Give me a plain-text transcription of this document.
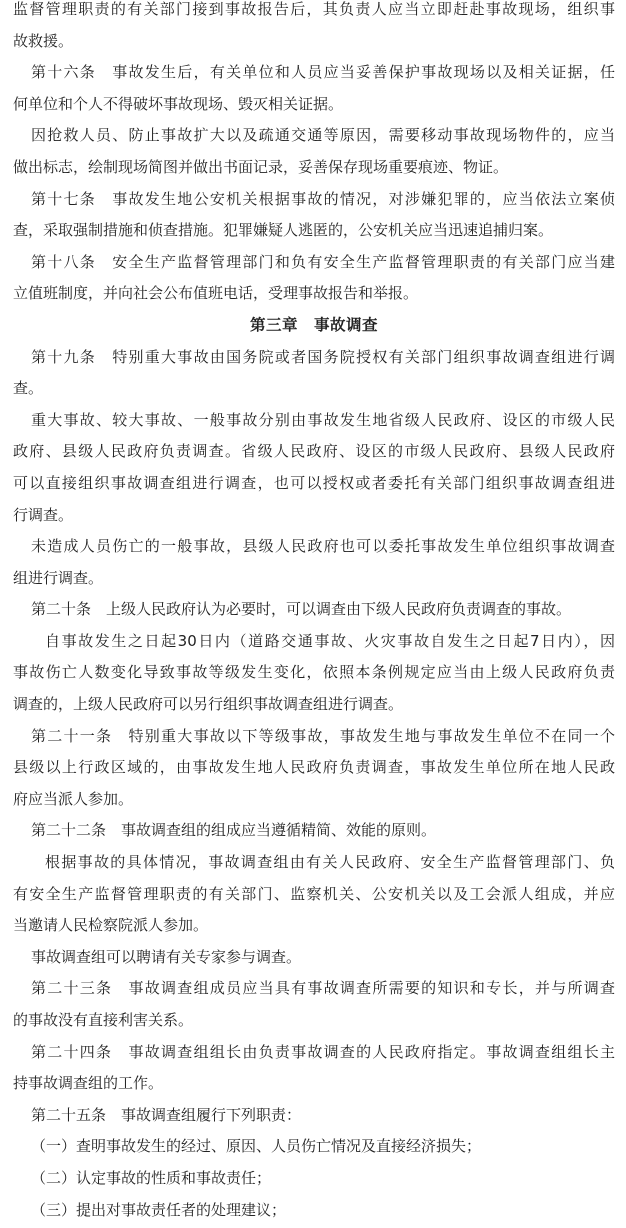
监督管理职责的有关部门接到事故报告后，其负责人应当立即赶赴事故现场，组织事
故救援。
第十六条　事故发生后，有关单位和人员应当妥善保护事故现场以及相关证据，任
何单位和个人不得破坏事故现场、毁灭相关证据。
因抢救人员、防止事故扩大以及疏通交通等原因，需要移动事故现场物件的，应当
做出标志，绘制现场简图并做出书面记录，妥善保存现场重要痕迹、物证。
第十七条　事故发生地公安机关根据事故的情况，对涉嫌犯罪的，应当依法立案侦
查，采取强制措施和侦查措施。犯罪嫌疑人逃匿的，公安机关应当迅速追捕归案。
第十八条　安全生产监督管理部门和负有安全生产监督管理职责的有关部门应当建
立值班制度，并向社会公布值班电话，受理事故报告和举报。
第三章　事故调查
第十九条　特别重大事故由国务院或者国务院授权有关部门组织事故调查组进行调
查。
重大事故、较大事故、一般事故分别由事故发生地省级人民政府、设区的市级人民
政府、县级人民政府负责调查。省级人民政府、设区的市级人民政府、县级人民政府
可以直接组织事故调查组进行调查，也可以授权或者委托有关部门组织事故调查组进
行调查。
未造成人员伤亡的一般事故，县级人民政府也可以委托事故发生单位组织事故调查
组进行调查。
第二十条　上级人民政府认为必要时，可以调查由下级人民政府负责调查的事故。
自事故发生之日起30日内（道路交通事故、火灾事故自发生之日起7日内），因
事故伤亡人数变化导致事故等级发生变化，依照本条例规定应当由上级人民政府负责
调查的，上级人民政府可以另行组织事故调查组进行调查。
第二十一条　特别重大事故以下等级事故，事故发生地与事故发生单位不在同一个
县级以上行政区域的，由事故发生地人民政府负责调查，事故发生单位所在地人民政
府应当派人参加。
第二十二条　事故调查组的组成应当遵循精简、效能的原则。
根据事故的具体情况，事故调查组由有关人民政府、安全生产监督管理部门、负
有安全生产监督管理职责的有关部门、监察机关、公安机关以及工会派人组成，并应
当邀请人民检察院派人参加。
事故调查组可以聘请有关专家参与调查。
第二十三条　事故调查组成员应当具有事故调查所需要的知识和专长，并与所调查
的事故没有直接利害关系。
第二十四条　事故调查组组长由负责事故调查的人民政府指定。事故调查组组长主
持事故调查组的工作。
第二十五条　事故调查组履行下列职责：
（一）查明事故发生的经过、原因、人员伤亡情况及直接经济损失；
（二）认定事故的性质和事故责任；
（三）提出对事故责任者的处理建议；
